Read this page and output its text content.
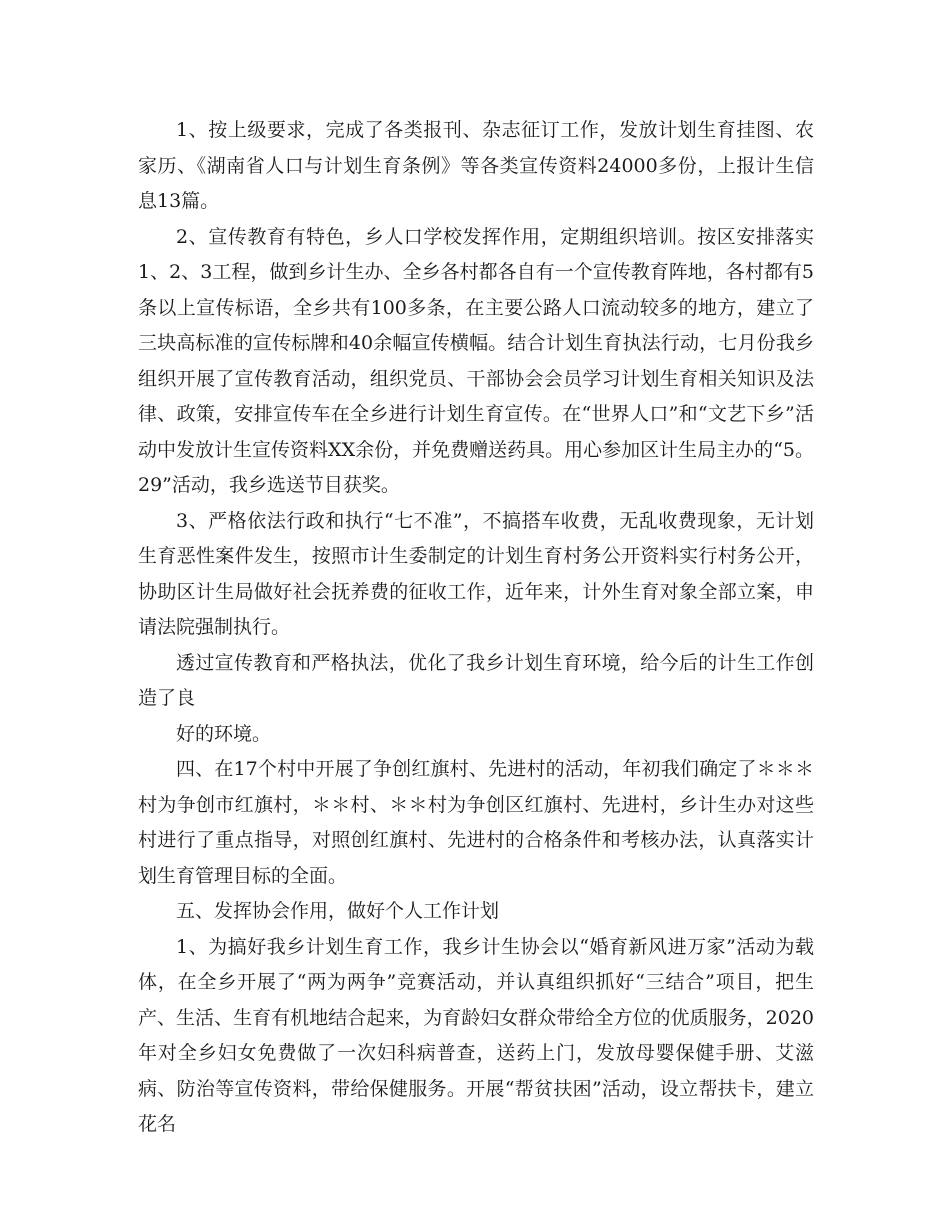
1、按上级要求，完成了各类报刊、杂志征订工作，发放计划生育挂图、农家历、《湖南省人口与计划生育条例》等各类宣传资料24000多份，上报计生信息13篇。

2、宣传教育有特色，乡人口学校发挥作用，定期组织培训。按区安排落实1、2、3工程，做到乡计生办、全乡各村都各自有一个宣传教育阵地，各村都有5条以上宣传标语，全乡共有100多条，在主要公路人口流动较多的地方，建立了三块高标准的宣传标牌和40余幅宣传横幅。结合计划生育执法行动，七月份我乡组织开展了宣传教育活动，组织党员、干部协会会员学习计划生育相关知识及法律、政策，安排宣传车在全乡进行计划生育宣传。在“世界人口”和“文艺下乡”活动中发放计生宣传资料XX余份，并免费赠送药具。用心参加区计生局主办的“5。29”活动，我乡选送节目获奖。

3、严格依法行政和执行“七不准”，不搞搭车收费，无乱收费现象，无计划生育恶性案件发生，按照市计生委制定的计划生育村务公开资料实行村务公开，协助区计生局做好社会抚养费的征收工作，近年来，计外生育对象全部立案，申请法院强制执行。

透过宣传教育和严格执法，优化了我乡计划生育环境，给今后的计生工作创造了良

好的环境。

四、在17个村中开展了争创红旗村、先进村的活动，年初我们确定了＊＊＊村为争创市红旗村，＊＊村、＊＊村为争创区红旗村、先进村，乡计生办对这些村进行了重点指导，对照创红旗村、先进村的合格条件和考核办法，认真落实计划生育管理目标的全面。

五、发挥协会作用，做好个人工作计划

1、为搞好我乡计划生育工作，我乡计生协会以“婚育新风进万家”活动为载体，在全乡开展了“两为两争”竞赛活动，并认真组织抓好“三结合”项目，把生产、生活、生育有机地结合起来，为育龄妇女群众带给全方位的优质服务，2020年对全乡妇女免费做了一次妇科病普查，送药上门，发放母婴保健手册、艾滋病、防治等宣传资料，带给保健服务。开展“帮贫扶困”活动，设立帮扶卡，建立花名
